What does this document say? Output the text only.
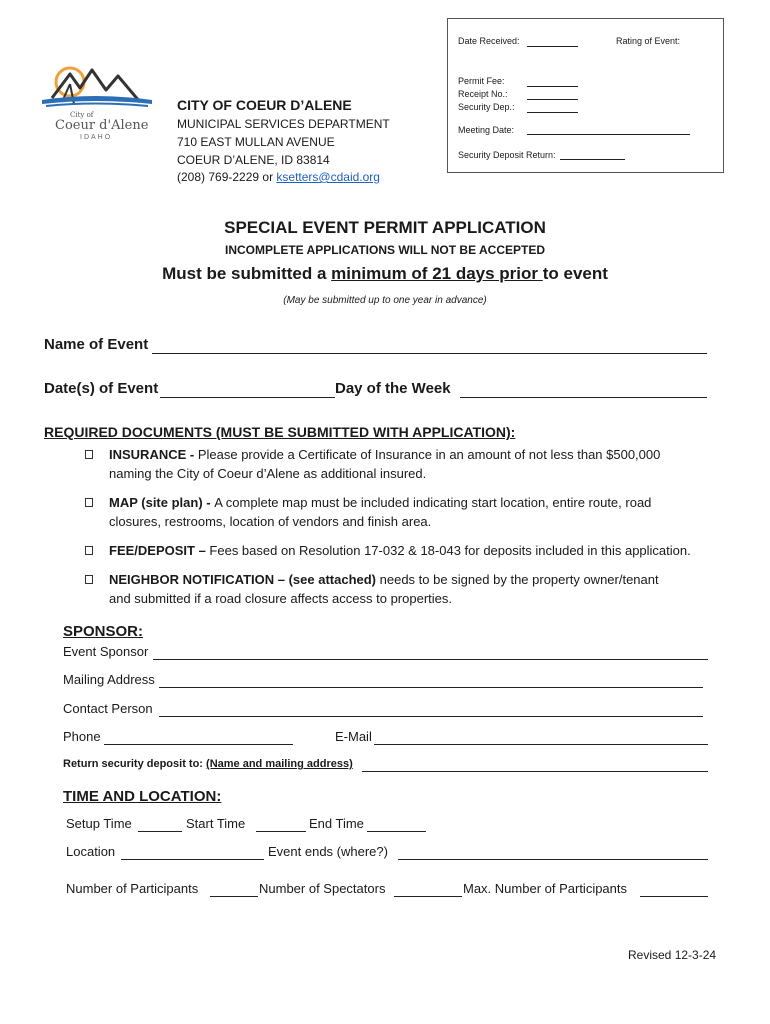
Date Received:	Rating of Event:
Permit Fee:
Receipt No.:
Security Dep.:
Meeting Date:
Security Deposit Return:
City of
Coeur d'Alene
IDAHO
CITY OF COEUR D’ALENE
MUNICIPAL SERVICES DEPARTMENT
710 EAST MULLAN AVENUE
COEUR D’ALENE, ID 83814
(208) 769-2229 or ksetters@cdaid.org
SPECIAL EVENT PERMIT APPLICATION
INCOMPLETE APPLICATIONS WILL NOT BE ACCEPTED
Must be submitted a minimum of 21 days prior to event
(May be submitted up to one year in advance)
Name of Event
Date(s) of Event	Day of the Week
REQUIRED DOCUMENTS (MUST BE SUBMITTED WITH APPLICATION):
INSURANCE - Please provide a Certificate of Insurance in an amount of not less than $500,000
naming the City of Coeur d’Alene as additional insured.
MAP (site plan) - A complete map must be included indicating start location, entire route, road
closures, restrooms, location of vendors and finish area.
FEE/DEPOSIT – Fees based on Resolution 17-032 & 18-043 for deposits included in this application.
NEIGHBOR NOTIFICATION – (see attached) needs to be signed by the property owner/tenant
and submitted if a road closure affects access to properties.
SPONSOR:
Event Sponsor
Mailing Address
Contact Person
Phone	E-Mail
Return security deposit to: (Name and mailing address)
TIME AND LOCATION:
Setup Time	Start Time	End Time
Location	Event ends (where?)
Number of Participants	Number of Spectators	Max. Number of Participants
Revised 12-3-24
